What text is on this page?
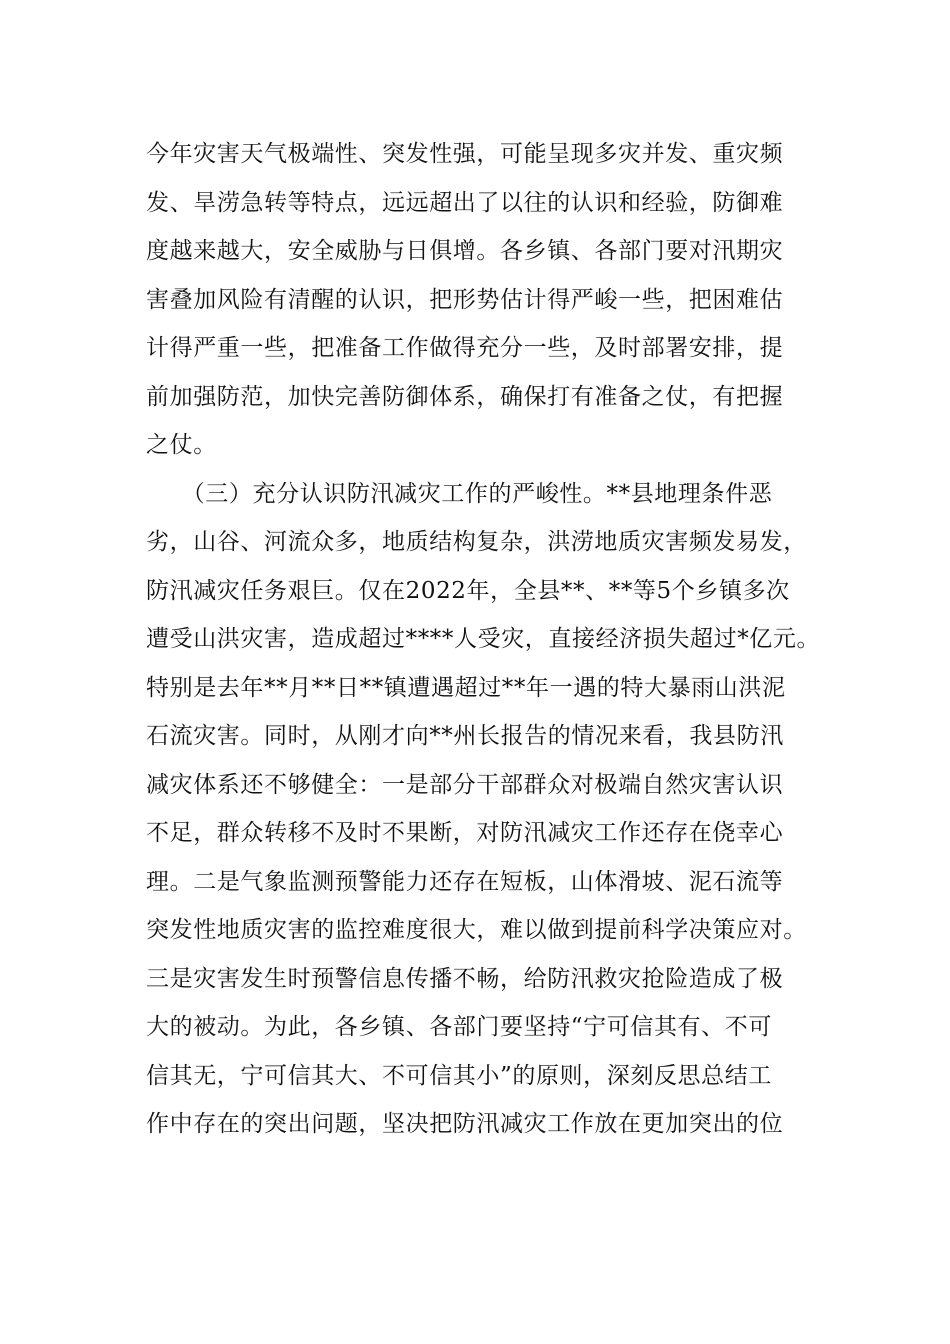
今年灾害天气极端性、突发性强，可能呈现多灾并发、重灾频
发、旱涝急转等特点，远远超出了以往的认识和经验，防御难
度越来越大，安全威胁与日俱增。各乡镇、各部门要对汛期灾
害叠加风险有清醒的认识，把形势估计得严峻一些，把困难估
计得严重一些，把准备工作做得充分一些，及时部署安排，提
前加强防范，加快完善防御体系，确保打有准备之仗，有把握
之仗。
　　（三）充分认识防汛减灾工作的严峻性。**县地理条件恶
劣，山谷、河流众多，地质结构复杂，洪涝地质灾害频发易发，
防汛减灾任务艰巨。仅在2022年，全县**、**等5个乡镇多次
遭受山洪灾害，造成超过****人受灾，直接经济损失超过*亿元。
特别是去年**月**日**镇遭遇超过**年一遇的特大暴雨山洪泥
石流灾害。同时，从刚才向**州长报告的情况来看，我县防汛
减灾体系还不够健全：一是部分干部群众对极端自然灾害认识
不足，群众转移不及时不果断，对防汛减灾工作还存在侥幸心
理。二是气象监测预警能力还存在短板，山体滑坡、泥石流等
突发性地质灾害的监控难度很大，难以做到提前科学决策应对。
三是灾害发生时预警信息传播不畅，给防汛救灾抢险造成了极
大的被动。为此，各乡镇、各部门要坚持“宁可信其有、不可
信其无，宁可信其大、不可信其小”的原则，深刻反思总结工
作中存在的突出问题，坚决把防汛减灾工作放在更加突出的位
